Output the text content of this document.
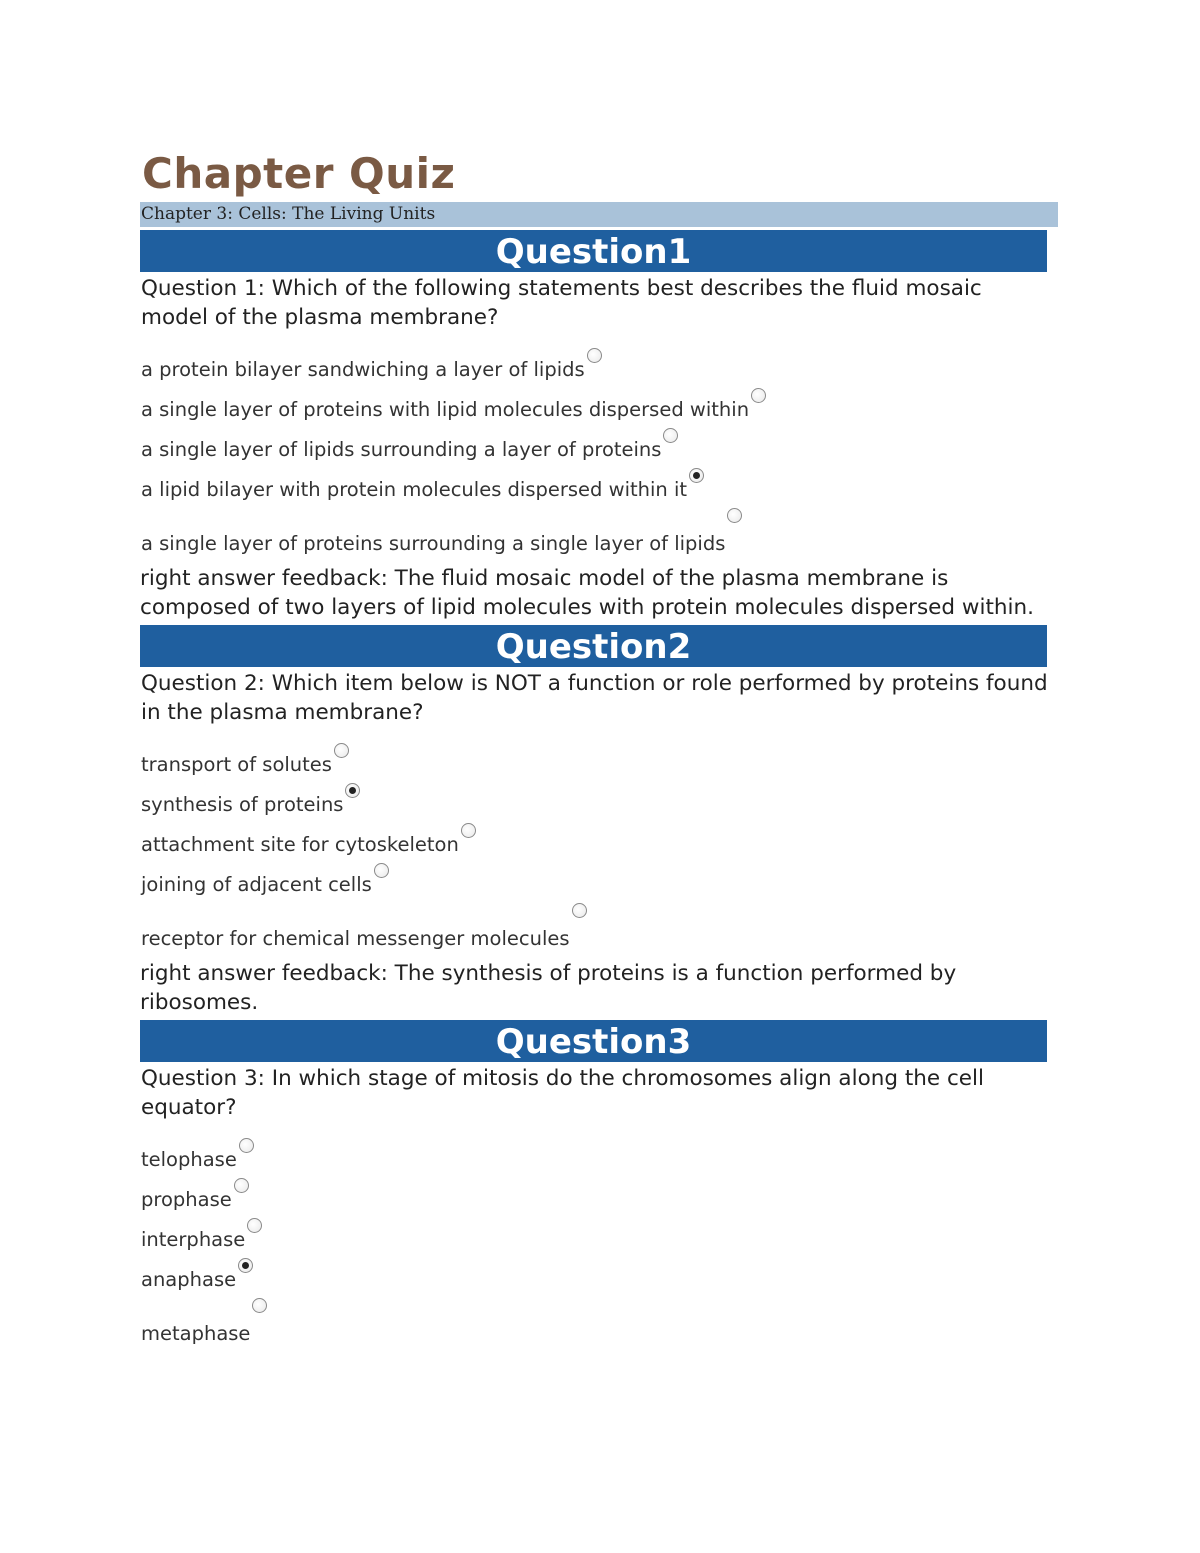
Chapter Quiz
Chapter 3: Cells: The Living Units
Question1
Question 1: Which of the following statements best describes the fluid mosaic model of the plasma membrane?
a protein bilayer sandwiching a layer of lipids
a single layer of proteins with lipid molecules dispersed within
a single layer of lipids surrounding a layer of proteins
a lipid bilayer with protein molecules dispersed within it
a single layer of proteins surrounding a single layer of lipids
right answer feedback: The fluid mosaic model of the plasma membrane is composed of two layers of lipid molecules with protein molecules dispersed within.
Question2
Question 2: Which item below is NOT a function or role performed by proteins found in the plasma membrane?
transport of solutes
synthesis of proteins
attachment site for cytoskeleton
joining of adjacent cells
receptor for chemical messenger molecules
right answer feedback: The synthesis of proteins is a function performed by ribosomes.
Question3
Question 3: In which stage of mitosis do the chromosomes align along the cell equator?
telophase
prophase
interphase
anaphase
metaphase
